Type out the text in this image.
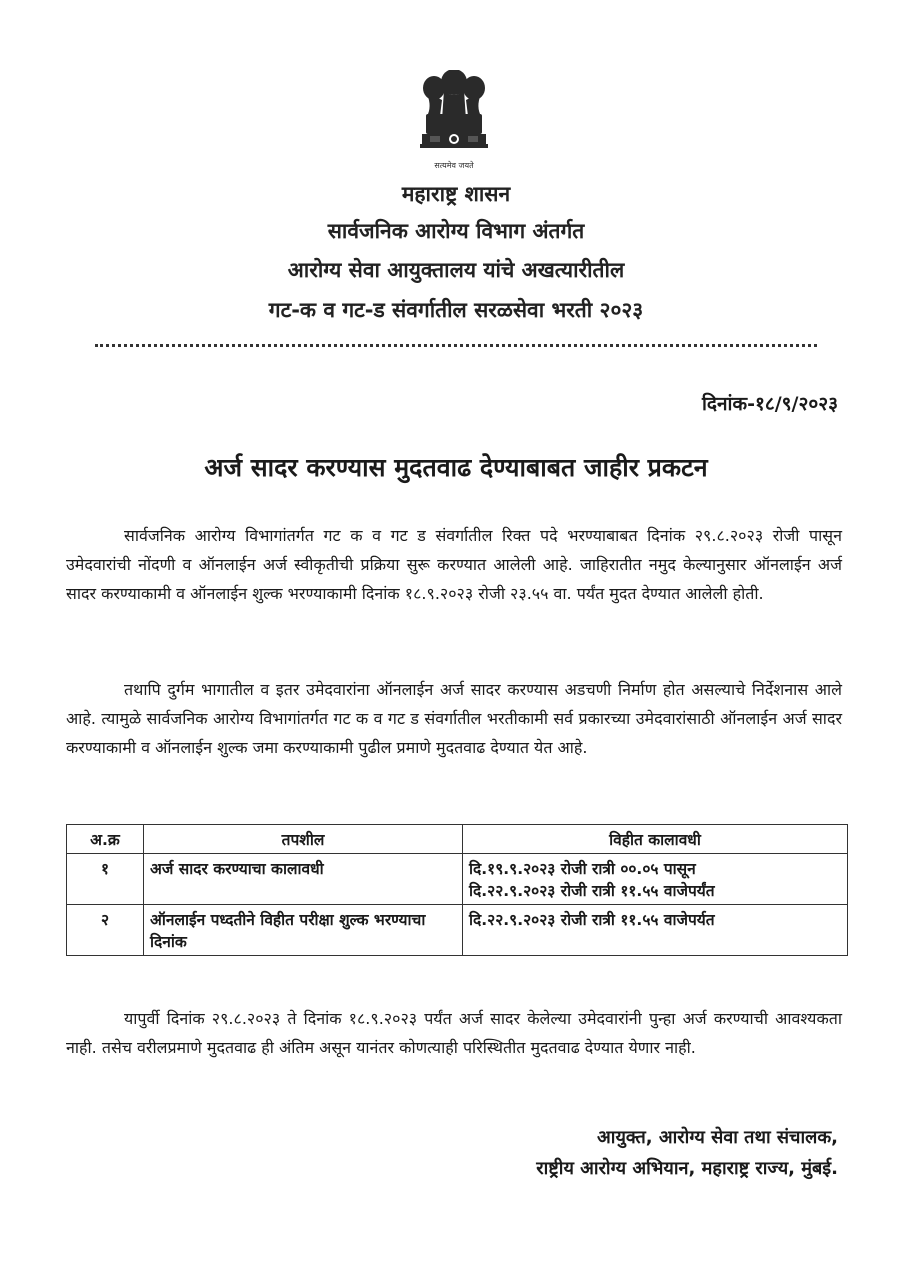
सत्यमेव जयते
महाराष्ट्र शासन
सार्वजनिक आरोग्य विभाग अंतर्गत
आरोग्य सेवा आयुक्तालय यांचे अखत्यारीतील
गट-क व गट-ड संवर्गातील सरळसेवा भरती २०२३
दिनांक-१८/९/२०२३
अर्ज सादर करण्यास मुदतवाढ देण्याबाबत जाहीर प्रकटन

सार्वजनिक आरोग्य विभागांतर्गत गट क व गट ड संवर्गातील रिक्त पदे भरण्याबाबत दिनांक २९.८.२०२३ रोजी पासून उमेदवारांची नोंदणी व ऑनलाईन अर्ज स्वीकृतीची प्रक्रिया सुरू करण्यात आलेली आहे. जाहिरातीत नमुद केल्यानुसार ऑनलाईन अर्ज सादर करण्याकामी व ऑनलाईन शुल्क भरण्याकामी दिनांक १८.९.२०२३ रोजी २३.५५ वा. पर्यंत मुदत देण्यात आलेली होती.

तथापि दुर्गम भागातील व इतर उमेदवारांना ऑनलाईन अर्ज सादर करण्यास अडचणी निर्माण होत असल्याचे निर्देशनास आले आहे. त्यामुळे सार्वजनिक आरोग्य विभागांतर्गत गट क व गट ड संवर्गातील भरतीकामी सर्व प्रकारच्या उमेदवारांसाठी ऑनलाईन अर्ज सादर करण्याकामी व ऑनलाईन शुल्क जमा करण्याकामी पुढील प्रमाणे मुदतवाढ देण्यात येत आहे.

अ.क्र	तपशील	विहीत कालावधी
१	अर्ज सादर करण्याचा कालावधी	दि.१९.९.२०२३ रोजी रात्री ००.०५ पासून
दि.२२.९.२०२३ रोजी रात्री ११.५५ वाजेपर्यंत

२	ऑनलाईन पध्दतीने विहीत परीक्षा शुल्क भरण्याचा दिनांक	दि.२२.९.२०२३ रोजी रात्री ११.५५ वाजेपर्यत

यापुर्वी दिनांक २९.८.२०२३ ते दिनांक १८.९.२०२३ पर्यंत अर्ज सादर केलेल्या उमेदवारांनी पुन्हा अर्ज करण्याची आवश्यकता नाही. तसेच वरीलप्रमाणे मुदतवाढ ही अंतिम असून यानंतर कोणत्याही परिस्थितीत मुदतवाढ देण्यात येणार नाही.

आयुक्त, आरोग्य सेवा तथा संचालक,
राष्ट्रीय आरोग्य अभियान, महाराष्ट्र राज्य, मुंबई.
